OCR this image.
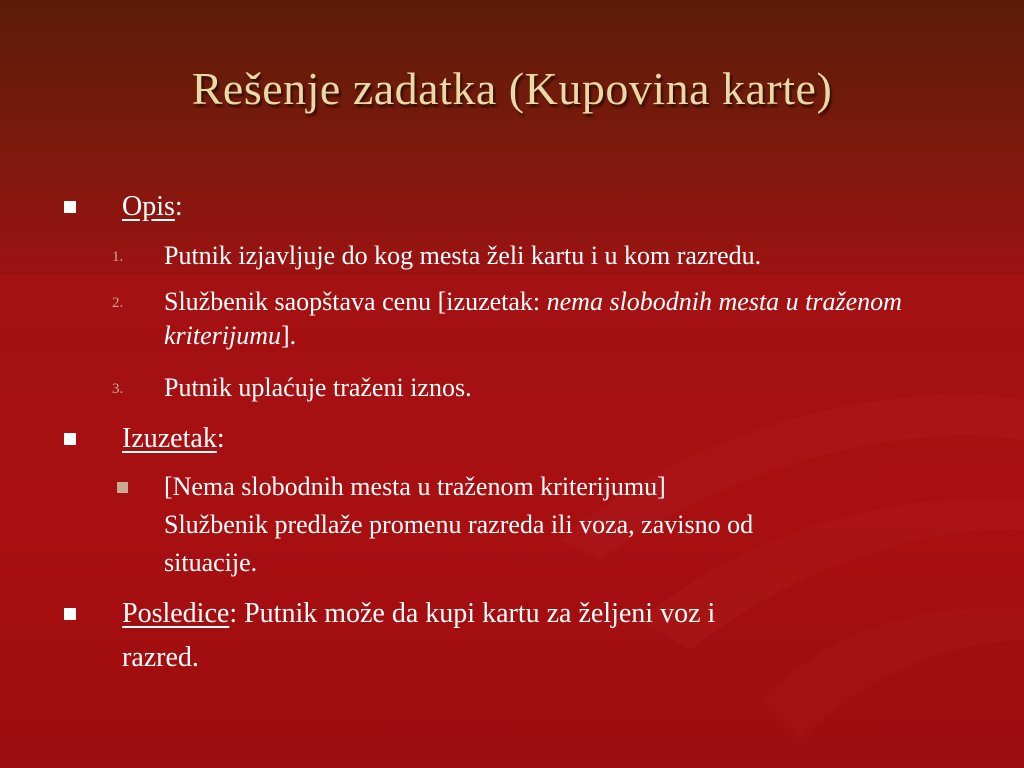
Rešenje zadatka (Kupovina karte)
Opis:
1. Putnik izjavljuje do kog mesta želi kartu i u kom razredu.
2. Službenik saopštava cenu [izuzetak: nema slobodnih mesta u traženom kriterijumu].
3. Putnik uplaćuje traženi iznos.
Izuzetak:
[Nema slobodnih mesta u traženom kriterijumu]
Službenik predlaže promenu razreda ili voza, zavisno od
situacije.
Posledice: Putnik može da kupi kartu za željeni voz i
razred.
